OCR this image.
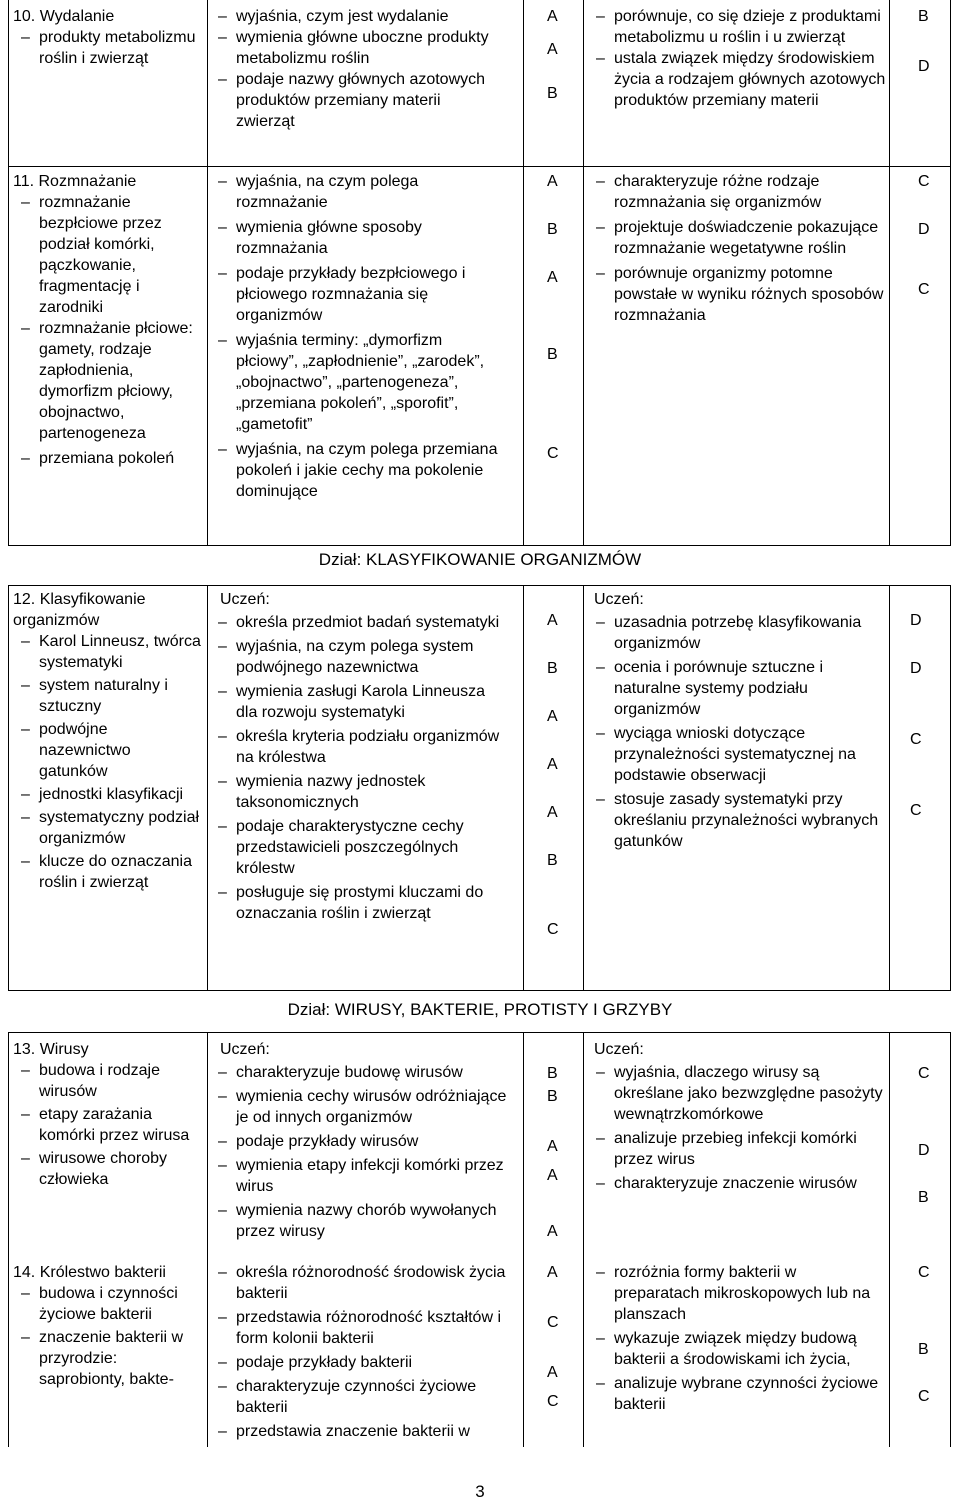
10. Wydalanie

– produkty metabolizmu roślin i zwierząt

– wyjaśnia, czym jest wydalanie

– wymienia główne uboczne produkty metabolizmu roślin

– podaje nazwy głównych azotowych produktów przemiany materii zwierząt

A

A

B

– porównuje, co się dzieje z produktami metabolizmu u roślin i u zwierząt

– ustala związek między środowiskiem życia a rodzajem głównych azotowych produktów przemiany materii

B

D

11. Rozmnażanie

– rozmnażanie bezpłciowe przez podział komórki, pączkowanie, fragmentację i zarodniki

– rozmnażanie płciowe: gamety, rodzaje zapłodnienia, dymorfizm płciowy, obojnactwo, partenogeneza

– przemiana pokoleń

– wyjaśnia, na czym polega rozmnażanie

– wymienia główne sposoby rozmnażania

– podaje przykłady bezpłciowego i płciowego rozmnażania się organizmów

– wyjaśnia terminy: „dymorfizm płciowy”, „zapłodnienie”, „zarodek”, „obojnactwo”, „partenogeneza”, „przemiana pokoleń”, „sporofit”, „gametofit”

– wyjaśnia, na czym polega przemiana pokoleń i jakie cechy ma pokolenie dominujące

A

B

A

B

C

– charakteryzuje różne rodzaje rozmnażania się organizmów

– projektuje doświadczenie pokazujące rozmnażanie wegetatywne roślin

– porównuje organizmy potomne powstałe w wyniku różnych sposobów rozmnażania

C

D

C

Dział: KLASYFIKOWANIE ORGANIZMÓW

12. Klasyfikowanie organizmów

– Karol Linneusz, twórca systematyki

– system naturalny i sztuczny

– podwójne nazewnictwo gatunków

– jednostki klasyfikacji

– systematyczny podział organizmów

– klucze do oznaczania roślin i zwierząt

Uczeń:

– określa przedmiot badań systematyki

– wyjaśnia, na czym polega system podwójnego nazewnictwa

– wymienia zasługi Karola Linneusza dla rozwoju systematyki

– określa kryteria podziału organizmów na królestwa

– wymienia nazwy jednostek taksonomicznych

– podaje charakterystyczne cechy przedstawicieli poszczególnych królestw

– posługuje się prostymi kluczami do oznaczania roślin i zwierząt

A

B

A

A

A

B

C

Uczeń:

– uzasadnia potrzebę klasyfikowania organizmów

– ocenia i porównuje sztuczne i naturalne systemy podziału organizmów

– wyciąga wnioski dotyczące przynależności systematycznej na podstawie obserwacji

– stosuje zasady systematyki przy określaniu przynależności wybranych gatunków

D

D

C

C

Dział: WIRUSY, BAKTERIE, PROTISTY I GRZYBY

13. Wirusy

– budowa i rodzaje wirusów

– etapy zarażania komórki przez wirusa

– wirusowe choroby człowieka

Uczeń:

– charakteryzuje budowę wirusów

– wymienia cechy wirusów odróżniające je od innych organizmów

– podaje przykłady wirusów

– wymienia etapy infekcji komórki przez wirus

– wymienia nazwy chorób wywołanych przez wirusy

B

B

A

A

A

Uczeń:

– wyjaśnia, dlaczego wirusy są określane jako bezwzględne pasożyty wewnątrzkomórkowe

– analizuje przebieg infekcji komórki przez wirus

– charakteryzuje znaczenie wirusów

C

D

B

14. Królestwo bakterii

– budowa i czynności życiowe bakterii

– znaczenie bakterii w przyrodzie: saprobionty, bakte-

– określa różnorodność środowisk życia bakterii

– przedstawia różnorodność kształtów i form kolonii bakterii

– podaje przykłady bakterii

– charakteryzuje czynności życiowe bakterii

– przedstawia znaczenie bakterii w

A

C

A

C

– rozróżnia formy bakterii w preparatach mikroskopowych lub na planszach

– wykazuje związek między budową bakterii a środowiskami ich życia,

– analizuje wybrane czynności życiowe bakterii

C

B

C

3
